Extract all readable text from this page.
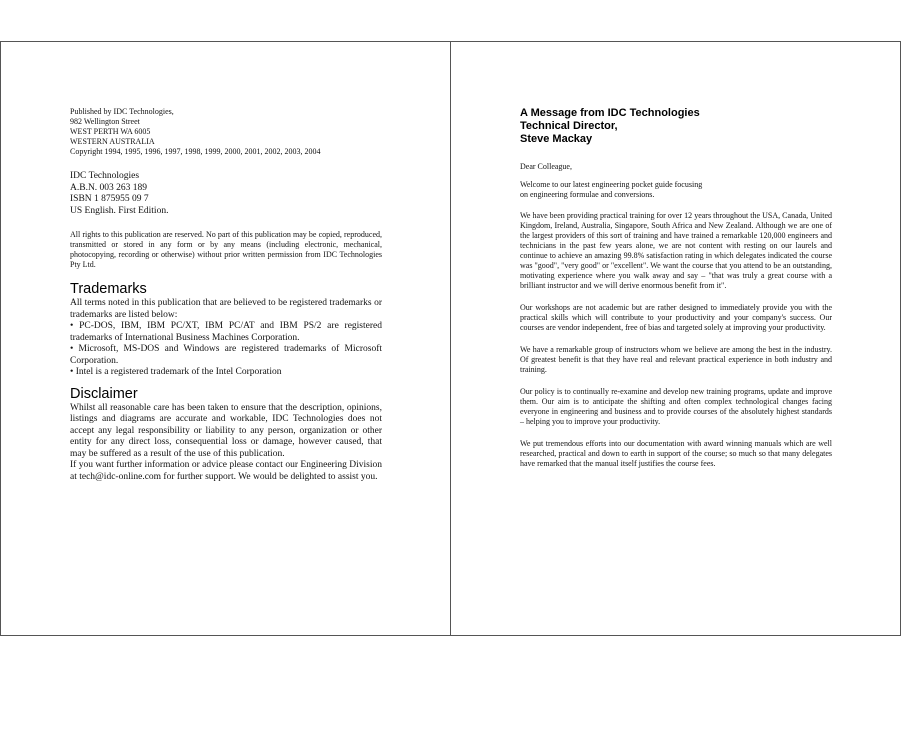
Published by IDC Technologies,
982 Wellington Street
WEST PERTH WA 6005
WESTERN AUSTRALIA
Copyright 1994, 1995, 1996, 1997, 1998, 1999, 2000, 2001, 2002, 2003, 2004
IDC Technologies
A.B.N. 003 263 189
ISBN 1 875955 09 7
US English. First Edition.

All rights to this publication are reserved. No part of this publication may be copied, reproduced, transmitted or stored in any form or by any means (including electronic, mechanical, photocopying, recording or otherwise) without prior written permission from IDC Technologies Pty Ltd.

Trademarks

All terms noted in this publication that are believed to be registered trademarks or trademarks are listed below:

• PC-DOS, IBM, IBM PC/XT, IBM PC/AT and IBM PS/2 are registered trademarks of International Business Machines Corporation.

• Microsoft, MS-DOS and Windows are registered trademarks of Microsoft Corporation.

• Intel is a registered trademark of the Intel Corporation

Disclaimer

Whilst all reasonable care has been taken to ensure that the description, opinions, listings and diagrams are accurate and workable, IDC Technologies does not accept any legal responsibility or liability to any person, organization or other entity for any direct loss, consequential loss or damage, however caused, that may be suffered as a result of the use of this publication.

If you want further information or advice please contact our Engineering Division at tech@idc-online.com for further support. We would be delighted to assist you.

A Message from IDC Technologies
Technical Director,
Steve Mackay

Dear Colleague,

Welcome to our latest engineering pocket guide focusing
on engineering formulae and conversions.

We have been providing practical training for over 12 years throughout the USA, Canada, United Kingdom, Ireland, Australia, Singapore, South Africa and New Zealand. Although we are one of the largest providers of this sort of training and have trained a remarkable 120,000 engineers and technicians in the past few years alone, we are not content with resting on our laurels and continue to achieve an amazing 99.8% satisfaction rating in which delegates indicated the course was "good", "very good" or "excellent". We want the course that you attend to be an outstanding, motivating experience where you walk away and say – "that was truly a great course with a brilliant instructor and we will derive enormous benefit from it".

Our workshops are not academic but are rather designed to immediately provide you with the practical skills which will contribute to your productivity and your company's success. Our courses are vendor independent, free of bias and targeted solely at improving your productivity.

We have a remarkable group of instructors whom we believe are among the best in the industry. Of greatest benefit is that they have real and relevant practical experience in both industry and training.

Our policy is to continually re-examine and develop new training programs, update and improve them. Our aim is to anticipate the shifting and often complex technological changes facing everyone in engineering and business and to provide courses of the absolutely highest standards – helping you to improve your productivity.

We put tremendous efforts into our documentation with award winning manuals which are well researched, practical and down to earth in support of the course; so much so that many delegates have remarked that the manual itself justifies the course fees.
